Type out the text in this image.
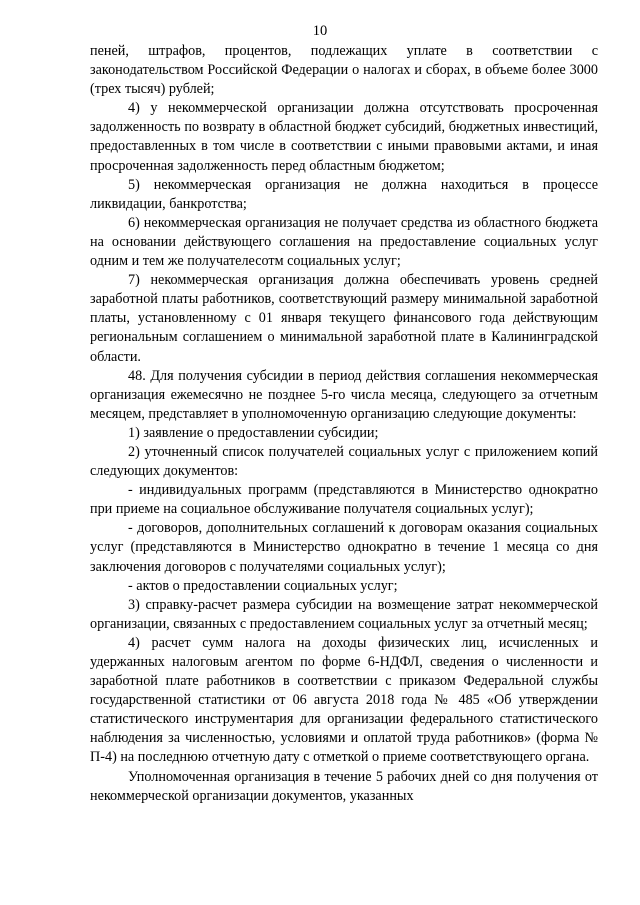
10

пеней, штрафов, процентов, подлежащих уплате в соответствии с законодательством Российской Федерации о налогах и сборах, в объеме более 3000 (трех тысяч) рублей;

4) у некоммерческой организации должна отсутствовать просроченная задолженность по возврату в областной бюджет субсидий, бюджетных инвестиций, предоставленных в том числе в соответствии с иными правовыми актами, и иная просроченная задолженность перед областным бюджетом;

5) некоммерческая организация не должна находиться в процессе ликвидации, банкротства;

6) некоммерческая организация не получает средства из областного бюджета на основании действующего соглашения на предоставление социальных услуг одним и тем же получателесотм социальных услуг;

7) некоммерческая организация должна обеспечивать уровень средней заработной платы работников, соответствующий размеру минимальной заработной платы, установленному с 01 января текущего финансового года действующим региональным соглашением о минимальной заработной плате в Калининградской области.

48. Для получения субсидии в период действия соглашения некоммерческая организация ежемесячно не позднее 5-го числа месяца, следующего за отчетным месяцем, представляет в уполномоченную организацию следующие документы:

1) заявление о предоставлении субсидии;

2) уточненный список получателей социальных услуг с приложением копий следующих документов:

- индивидуальных программ (представляются в Министерство однократно при приеме на социальное обслуживание получателя социальных услуг);

- договоров, дополнительных соглашений к договорам оказания социальных услуг (представляются в Министерство однократно в течение 1 месяца со дня заключения договоров с получателями социальных услуг);

- актов о предоставлении социальных услуг;

3) справку-расчет размера субсидии на возмещение затрат некоммерческой организации, связанных с предоставлением социальных услуг за отчетный месяц;

4) расчет сумм налога на доходы физических лиц, исчисленных и удержанных налоговым агентом по форме 6-НДФЛ, сведения о численности и заработной плате работников в соответствии с приказом Федеральной службы государственной статистики от 06 августа 2018 года № 485 «Об утверждении статистического инструментария для организации федерального статистического наблюдения за численностью, условиями и оплатой труда работников» (форма № П-4) на последнюю отчетную дату с отметкой о приеме соответствующего органа.

Уполномоченная организация в течение 5 рабочих дней со дня получения от некоммерческой организации документов, указанных
